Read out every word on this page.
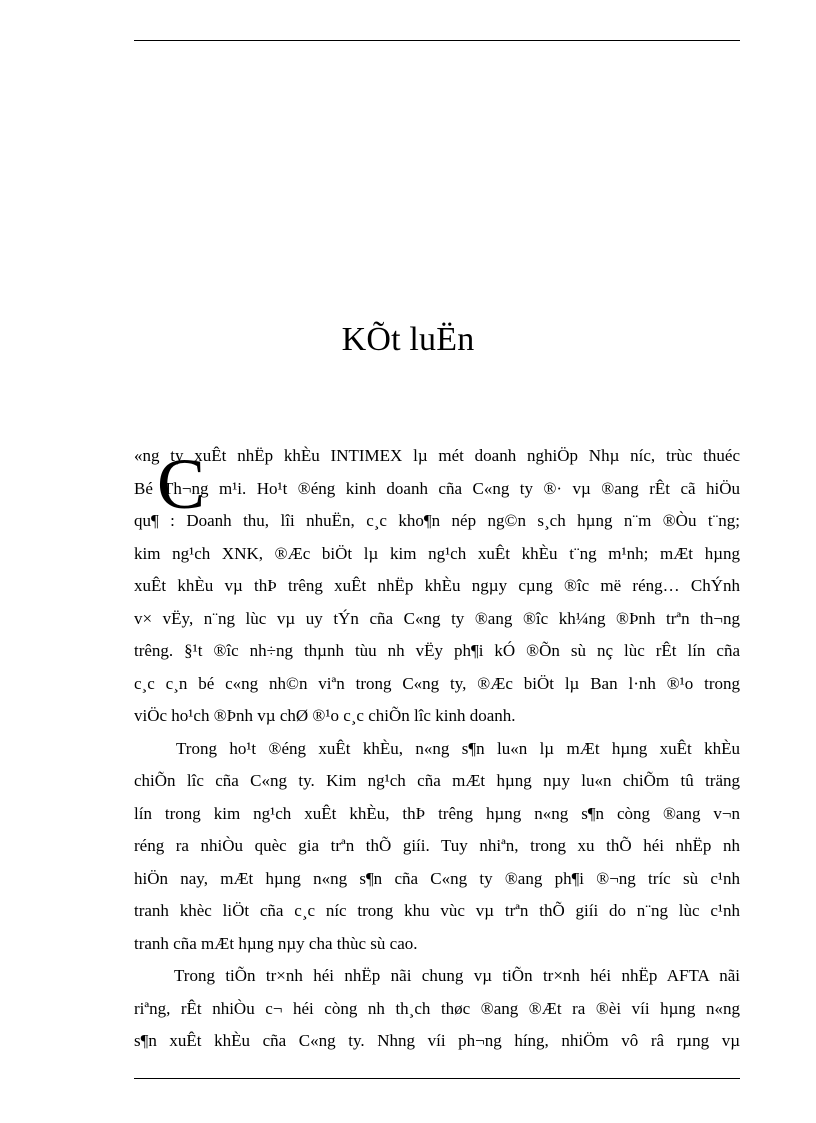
KÕt luËn
C
«ng ty xuÊt nhËp khÈu INTIMEX lµ mét doanh nghiÖp Nhµ níc, trùc thuéc
Bé Th¬ng m¹i. Ho¹t ®éng kinh doanh cña C«ng ty ®· vµ ®ang rÊt cã hiÖu
qu¶ : Doanh thu, lîi nhuËn, c¸c kho¶n nép ng©n s¸ch hµng n¨m ®Òu t¨ng;
kim ng¹ch XNK, ®Æc biÖt lµ kim ng¹ch xuÊt khÈu t¨ng m¹nh; mÆt hµng
xuÊt khÈu vµ thÞ trêng xuÊt nhËp khÈu ngµy cµng ®îc më réng… ChÝnh
v× vËy, n¨ng lùc vµ uy tÝn cña C«ng ty ®ang ®îc kh¼ng ®Þnh trªn th¬ng
trêng. §¹t ®îc nh÷ng thµnh tùu nh vËy ph¶i kÓ ®Õn sù nç lùc rÊt lín cña
c¸c c¸n bé c«ng nh©n viªn trong C«ng ty, ®Æc biÖt lµ Ban l·nh ®¹o trong
viÖc ho¹ch ®Þnh vµ chØ ®¹o c¸c chiÕn lîc kinh doanh.
Trong ho¹t ®éng xuÊt khÈu, n«ng s¶n lu«n lµ mÆt hµng xuÊt khÈu
chiÕn lîc cña C«ng ty. Kim ng¹ch cña mÆt hµng nµy lu«n chiÕm tû träng
lín trong kim ng¹ch xuÊt khÈu, thÞ trêng hµng n«ng s¶n còng ®ang v¬n
réng ra nhiÒu quèc gia trªn thÕ giíi. Tuy nhiªn, trong xu thÕ héi nhËp nh
hiÖn nay, mÆt hµng n«ng s¶n cña C«ng ty ®ang ph¶i ®¬ng tríc sù c¹nh
tranh khèc liÖt cña c¸c níc trong khu vùc vµ trªn thÕ giíi do n¨ng lùc c¹nh
tranh cña mÆt hµng nµy cha thùc sù cao.
Trong tiÕn tr×nh héi nhËp nãi chung vµ tiÕn tr×nh héi nhËp AFTA nãi
riªng, rÊt nhiÒu c¬ héi còng nh th¸ch thøc ®ang ®Æt ra ®èi víi hµng n«ng
s¶n xuÊt khÈu cña C«ng ty. Nhng víi ph¬ng híng, nhiÖm vô râ rµng vµ
